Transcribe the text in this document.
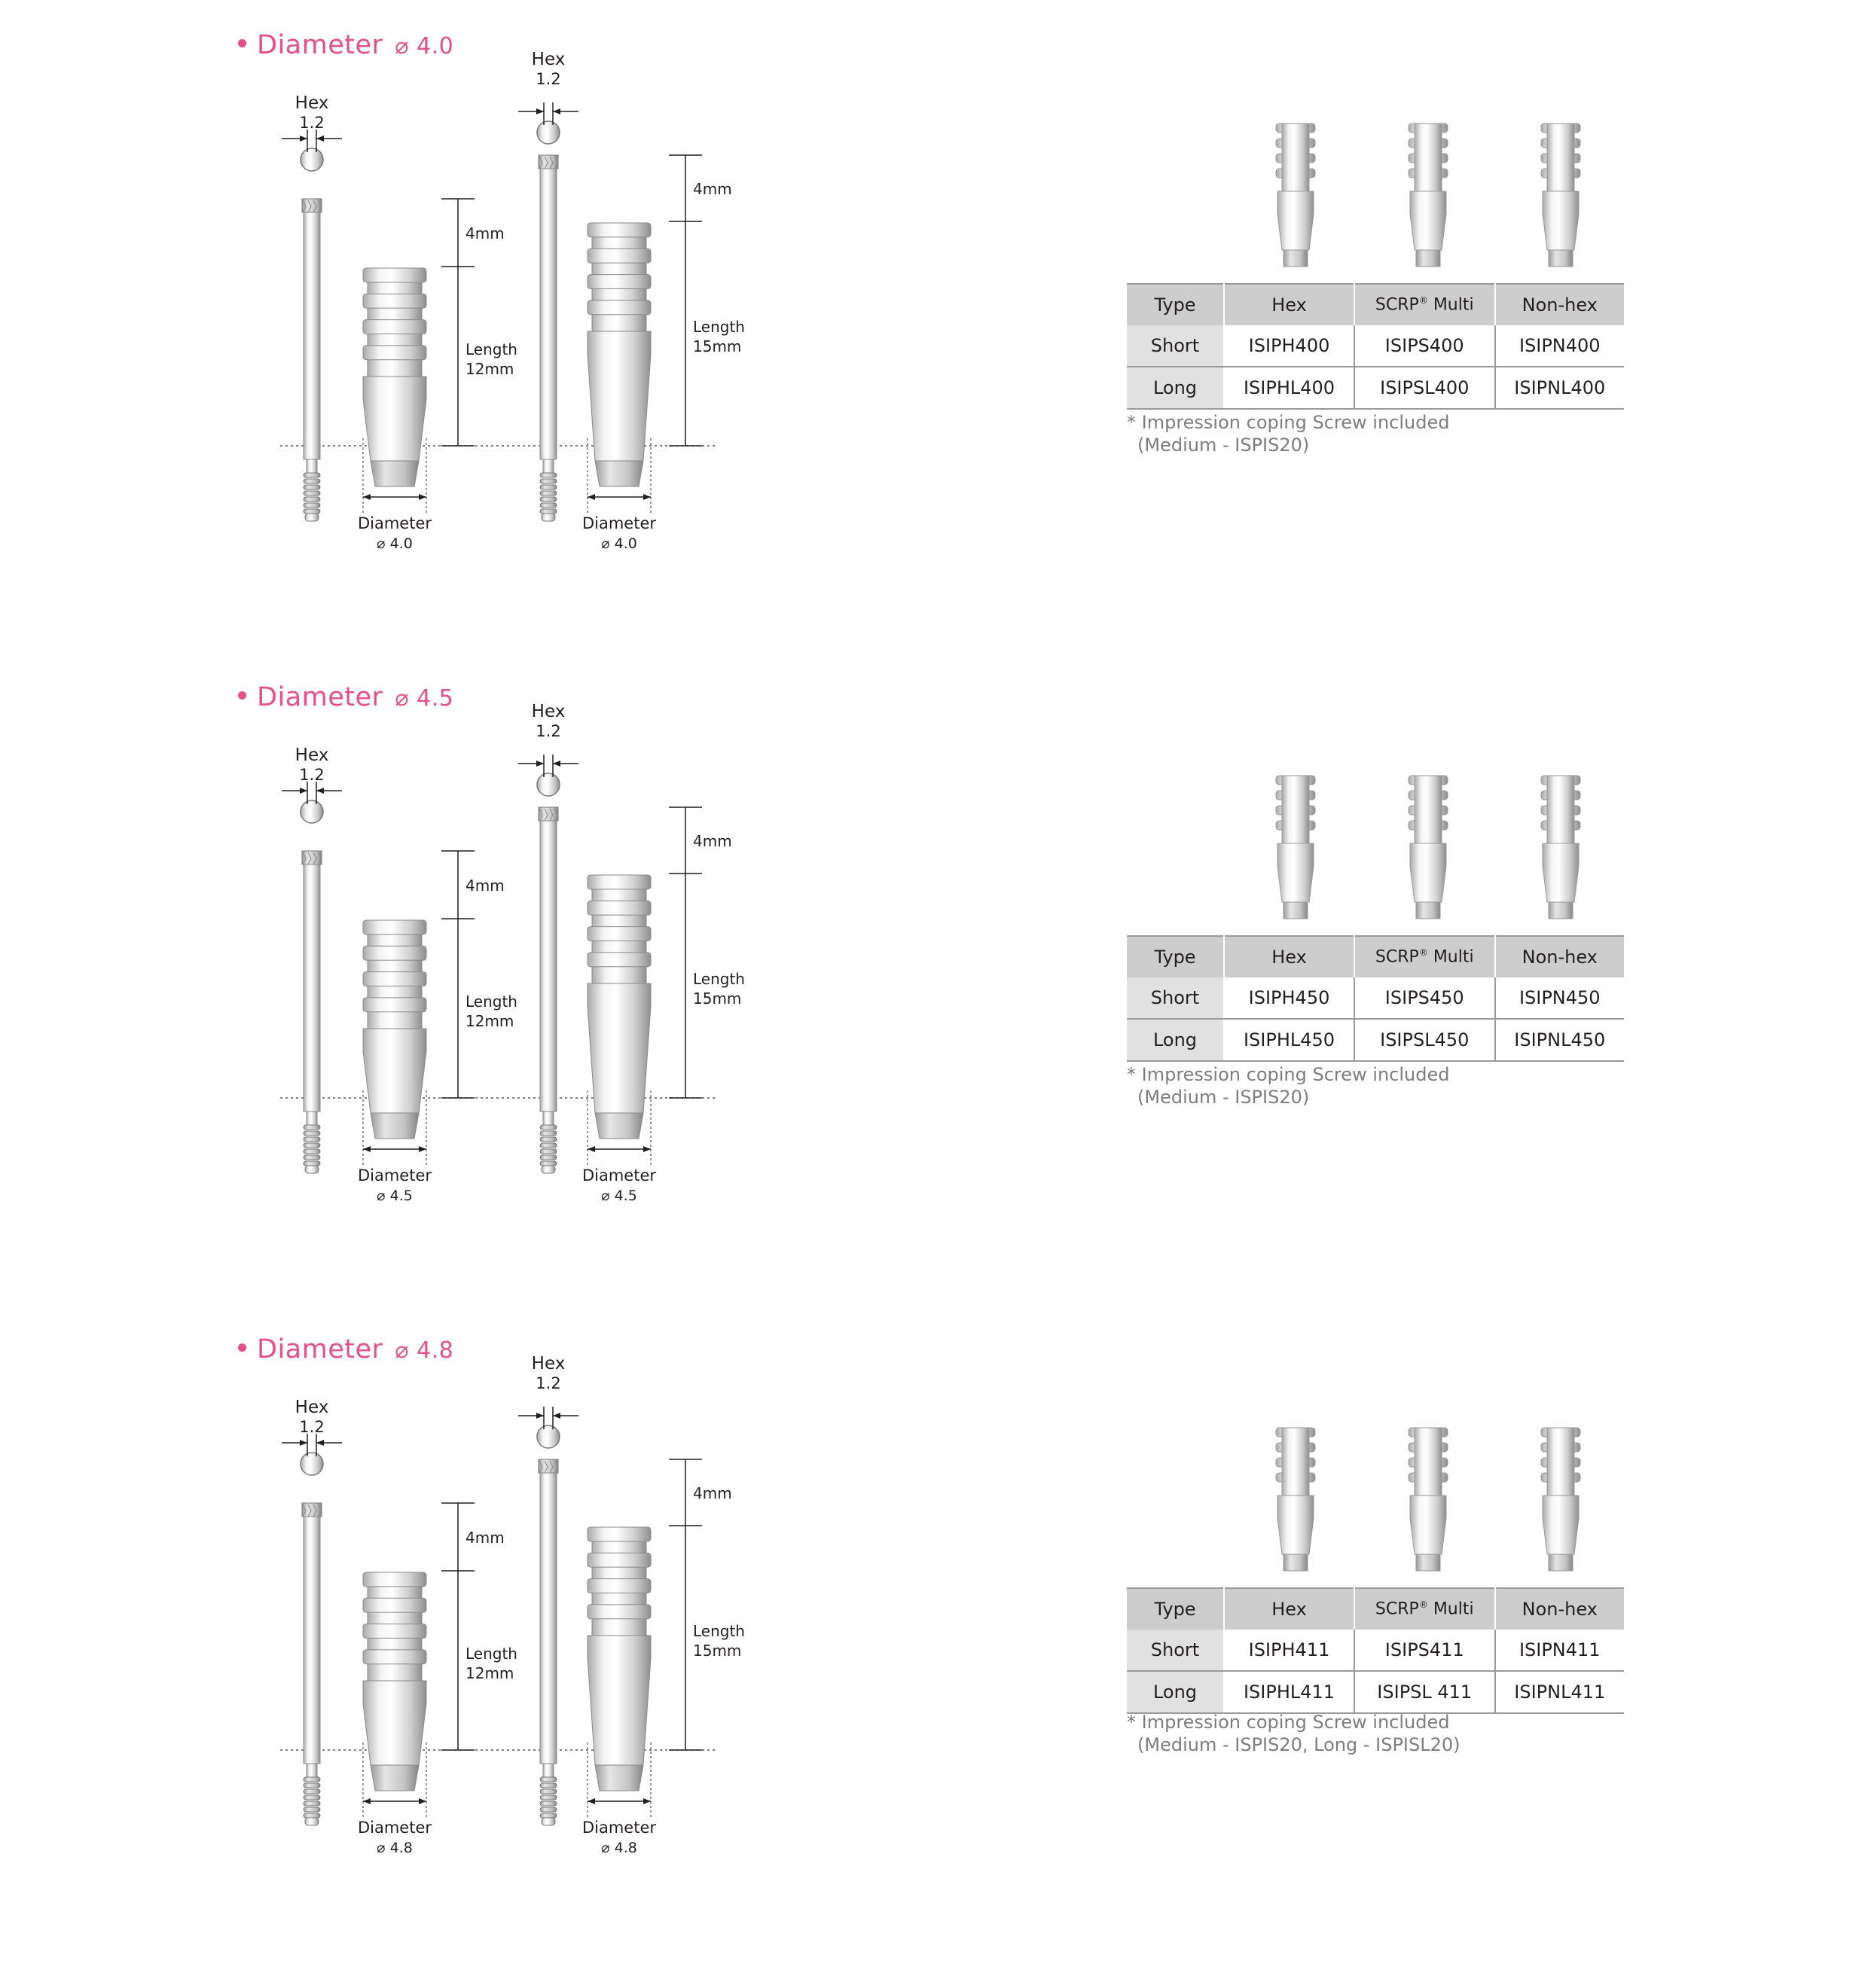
Diameter ⌀ 4.0
Hex
1.2
4mm
Length
12mm
Diameter
⌀ 4.0
Hex
1.2
4mm
Length
15mm
Diameter
⌀ 4.0
Type	Hex	SCRP® Multi	Non-hex
Short	ISIPH400	ISIPS400	ISIPN400
Long	ISIPHL400	ISIPSL400	ISIPNL400
* Impression coping Screw included
(Medium - ISPIS20)
Diameter ⌀ 4.5
Hex
1.2
4mm
Length
12mm
Diameter
⌀ 4.5
Hex
1.2
4mm
Length
15mm
Diameter
⌀ 4.5
Type	Hex	SCRP® Multi	Non-hex
Short	ISIPH450	ISIPS450	ISIPN450
Long	ISIPHL450	ISIPSL450	ISIPNL450
* Impression coping Screw included
(Medium - ISPIS20)
Diameter ⌀ 4.8
Hex
1.2
4mm
Length
12mm
Diameter
⌀ 4.8
Hex
1.2
4mm
Length
15mm
Diameter
⌀ 4.8
Type	Hex	SCRP® Multi	Non-hex
Short	ISIPH411	ISIPS411	ISIPN411
Long	ISIPHL411	ISIPSL 411	ISIPNL411
* Impression coping Screw included
(Medium - ISPIS20, Long - ISPISL20)
